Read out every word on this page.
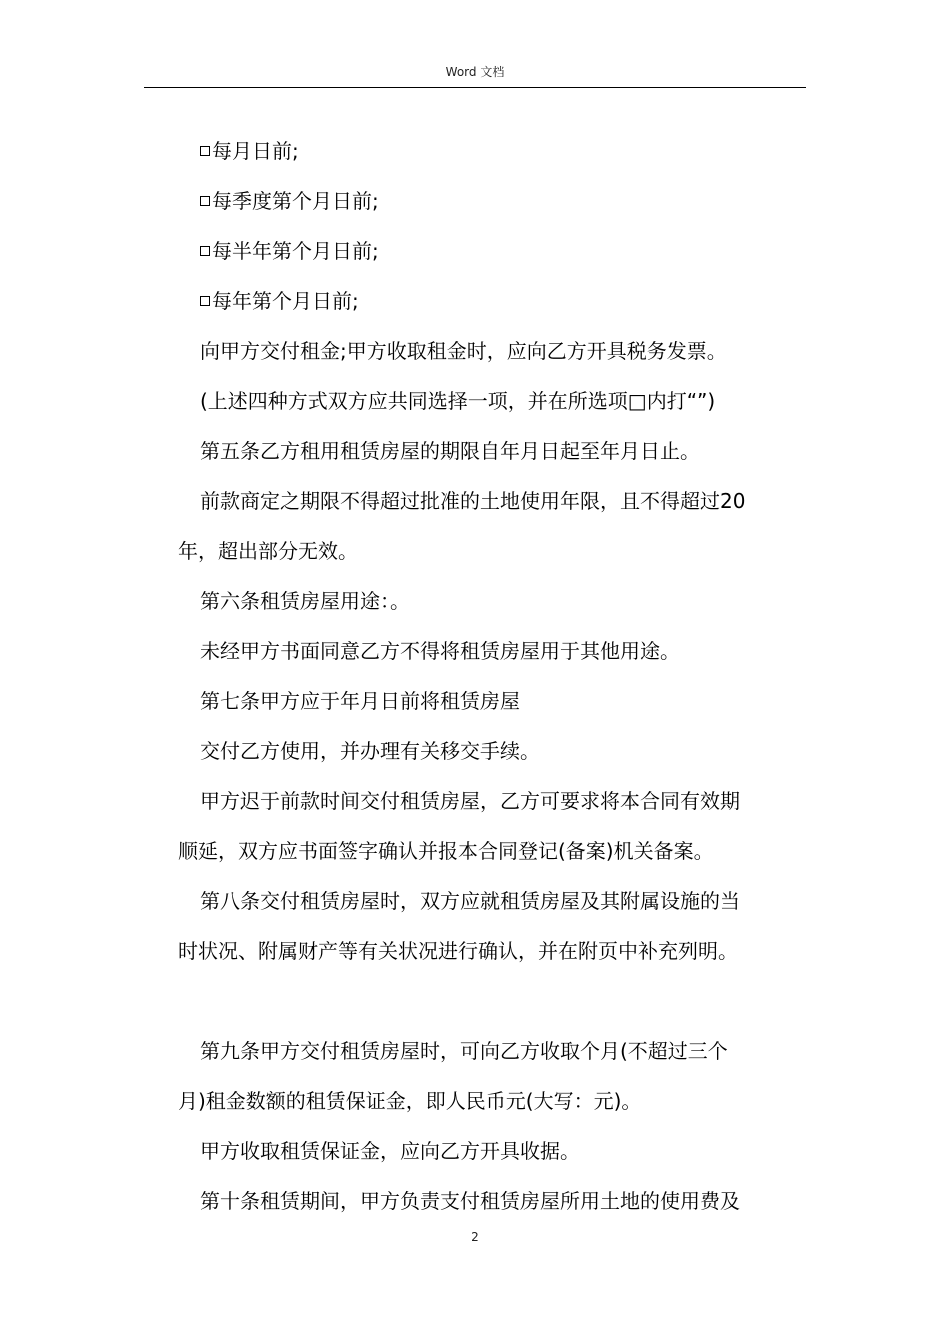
Word 文档

每月日前;

每季度第个月日前;

每半年第个月日前;

每年第个月日前;

向甲方交付租金;甲方收取租金时，应向乙方开具税务发票。

(上述四种方式双方应共同选择一项，并在所选项□内打“”)

第五条乙方租用租赁房屋的期限自年月日起至年月日止。

前款商定之期限不得超过批准的土地使用年限，且不得超过20

年，超出部分无效。

第六条租赁房屋用途：。

未经甲方书面同意乙方不得将租赁房屋用于其他用途。

第七条甲方应于年月日前将租赁房屋

交付乙方使用，并办理有关移交手续。

甲方迟于前款时间交付租赁房屋，乙方可要求将本合同有效期

顺延，双方应书面签字确认并报本合同登记(备案)机关备案。

第八条交付租赁房屋时，双方应就租赁房屋及其附属设施的当

时状况、附属财产等有关状况进行确认，并在附页中补充列明。

第九条甲方交付租赁房屋时，可向乙方收取个月(不超过三个

月)租金数额的租赁保证金，即人民币元(大写：元)。

甲方收取租赁保证金，应向乙方开具收据。

第十条租赁期间，甲方负责支付租赁房屋所用土地的使用费及

2
